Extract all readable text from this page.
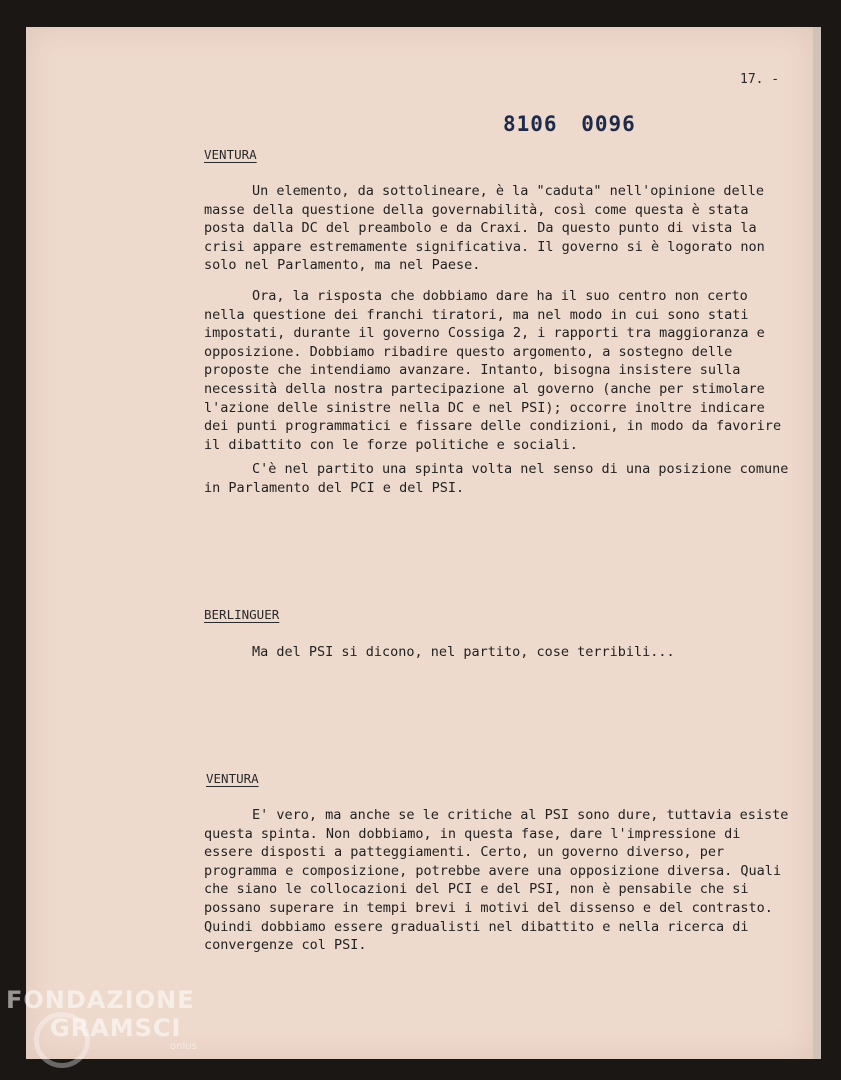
17. -
8106 0096
VENTURA

Un elemento, da sottolineare, è la "caduta" nell'opinione delle masse della questione della governabilità, così come questa è stata posta dalla DC del preambolo e da Craxi. Da questo punto di vista la crisi appare estremamente significativa. Il governo si è logorato non solo nel Parlamento, ma nel Paese.

Ora, la risposta che dobbiamo dare ha il suo centro non certo nella questione dei franchi tiratori, ma nel modo in cui sono stati impostati, durante il governo Cossiga 2, i rapporti tra maggioranza e opposizione. Dobbiamo ribadire questo argomento, a sostegno delle proposte che intendiamo avanzare. Intanto, bisogna insistere sulla necessità della nostra partecipazione al governo (anche per stimolare l'azione delle sinistre nella DC e nel PSI); occorre inoltre indicare dei punti programmatici e fissare delle condizioni, in modo da favorire il dibattito con le forze politiche e sociali.

C'è nel partito una spinta volta nel senso di una posizione comune in Parlamento del PCI e del PSI.

BERLINGUER

Ma del PSI si dicono, nel partito, cose terribili...

VENTURA

E' vero, ma anche se le critiche al PSI sono dure, tuttavia esiste questa spinta. Non dobbiamo, in questa fase, dare l'impressione di essere disposti a patteggiamenti. Certo, un governo diverso, per programma e composizione, potrebbe avere una opposizione diversa. Quali che siano le collocazioni del PCI e del PSI, non è pensabile che si possano superare in tempi brevi i motivi del dissenso e del contrasto. Quindi dobbiamo essere gradualisti nel dibattito e nella ricerca di convergenze col PSI.

FONDAZIONE
GRAMSCI
onlus
